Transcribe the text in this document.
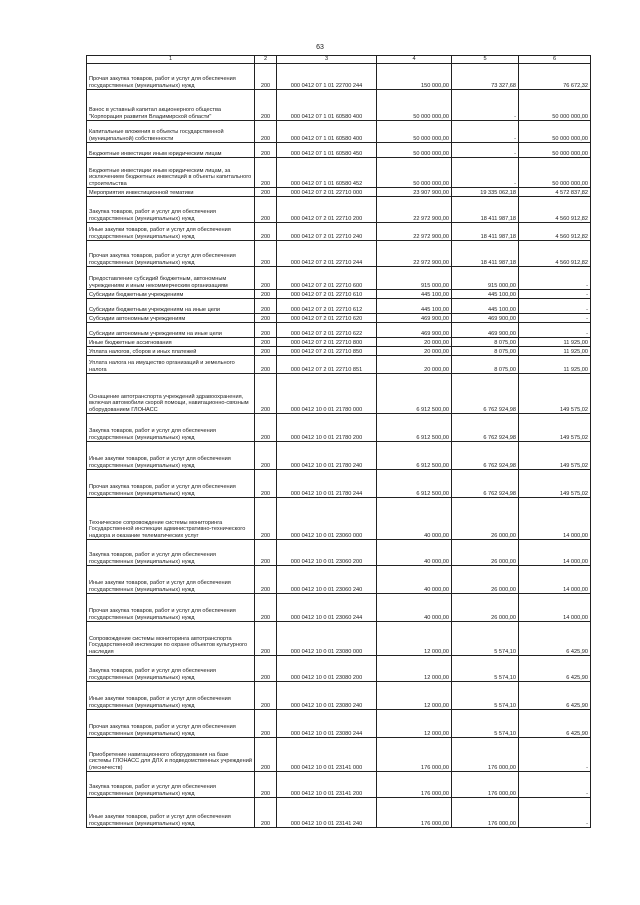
63
1	2	3	4	5	6
Прочая закупка товаров, работ и услуг для обеспечения государственных (муниципальных) нужд	200	000 0412 07 1 01 22700 244	150 000,00	73 327,68	76 672,32
Взнос в уставный капитал акционерного общества "Корпорация развития Владимирской области"	200	000 0412 07 1 01 60580 400	50 000 000,00	-	50 000 000,00
Капитальные вложения в объекты государственной (муниципальной) собственности	200	000 0412 07 1 01 60580 400	50 000 000,00	-	50 000 000,00
Бюджетные инвестиции иным юридическим лицам	200	000 0412 07 1 01 60580 450	50 000 000,00	-	50 000 000,00
Бюджетные инвестиции иным юридическим лицам, за исключением бюджетных инвестиций в объекты капитального строительства	200	000 0412 07 1 01 60580 452	50 000 000,00	-	50 000 000,00
Мероприятия инвестиционной тематики	200	000 0412 07 2 01 22710 000	23 907 900,00	19 335 062,18	4 572 837,82
Закупка товаров, работ и услуг для обеспечения государственных (муниципальных) нужд	200	000 0412 07 2 01 22710 200	22 972 900,00	18 411 987,18	4 560 912,82
Иные закупки товаров, работ и услуг для обеспечения государственных (муниципальных) нужд	200	000 0412 07 2 01 22710 240	22 972 900,00	18 411 987,18	4 560 912,82
Прочая закупка товаров, работ и услуг для обеспечения государственных (муниципальных) нужд	200	000 0412 07 2 01 22710 244	22 972 900,00	18 411 987,18	4 560 912,82
Предоставление субсидий бюджетным, автономным учреждениям и иным некоммерческим организациям	200	000 0412 07 2 01 22710 600	915 000,00	915 000,00	-
Субсидии бюджетным учреждениям	200	000 0412 07 2 01 22710 610	445 100,00	445 100,00	-
Субсидии бюджетным учреждениям на иные цели	200	000 0412 07 2 01 22710 612	445 100,00	445 100,00	-
Субсидии автономным учреждениям	200	000 0412 07 2 01 22710 620	469 900,00	469 900,00	-
Субсидии автономным учреждениям на иные цели	200	000 0412 07 2 01 22710 622	469 900,00	469 900,00	-
Иные бюджетные ассигнования	200	000 0412 07 2 01 22710 800	20 000,00	8 075,00	11 925,00
Уплата налогов, сборов и иных платежей	200	000 0412 07 2 01 22710 850	20 000,00	8 075,00	11 925,00
Уплата налога на имущество организаций и земельного налога	200	000 0412 07 2 01 22710 851	20 000,00	8 075,00	11 925,00
Оснащение автотранспорта учреждений здравоохранения, включая автомобили скорой помощи, навигационно-связным оборудованием ГЛОНАСС	200	000 0412 10 0 01 21780 000	6 912 500,00	6 762 924,98	149 575,02
Закупка товаров, работ и услуг для обеспечения государственных (муниципальных) нужд	200	000 0412 10 0 01 21780 200	6 912 500,00	6 762 924,98	149 575,02
Иные закупки товаров, работ и услуг для обеспечения государственных (муниципальных) нужд	200	000 0412 10 0 01 21780 240	6 912 500,00	6 762 924,98	149 575,02
Прочая закупка товаров, работ и услуг для обеспечения государственных (муниципальных) нужд	200	000 0412 10 0 01 21780 244	6 912 500,00	6 762 924,98	149 575,02
Техническое сопровождение системы мониторинга Государственной инспекции административно-технического надзора и оказание телематических услуг	200	000 0412 10 0 01 23060 000	40 000,00	26 000,00	14 000,00
Закупка товаров, работ и услуг для обеспечения государственных (муниципальных) нужд	200	000 0412 10 0 01 23060 200	40 000,00	26 000,00	14 000,00
Иные закупки товаров, работ и услуг для обеспечения государственных (муниципальных) нужд	200	000 0412 10 0 01 23060 240	40 000,00	26 000,00	14 000,00
Прочая закупка товаров, работ и услуг для обеспечения государственных (муниципальных) нужд	200	000 0412 10 0 01 23060 244	40 000,00	26 000,00	14 000,00
Сопровождение системы мониторинга автотранспорта Государственной инспекции по охране объектов культурного наследия	200	000 0412 10 0 01 23080 000	12 000,00	5 574,10	6 425,90
Закупка товаров, работ и услуг для обеспечения государственных (муниципальных) нужд	200	000 0412 10 0 01 23080 200	12 000,00	5 574,10	6 425,90
Иные закупки товаров, работ и услуг для обеспечения государственных (муниципальных) нужд	200	000 0412 10 0 01 23080 240	12 000,00	5 574,10	6 425,90
Прочая закупка товаров, работ и услуг для обеспечения государственных (муниципальных) нужд	200	000 0412 10 0 01 23080 244	12 000,00	5 574,10	6 425,90
Приобретение навигационного оборудования на базе системы ГЛОНАСС для ДЛХ и подведомственных учреждений (лесничеств)	200	000 0412 10 0 01 23141 000	176 000,00	176 000,00	-
Закупка товаров, работ и услуг для обеспечения государственных (муниципальных) нужд	200	000 0412 10 0 01 23141 200	176 000,00	176 000,00	-
Иные закупки товаров, работ и услуг для обеспечения государственных (муниципальных) нужд	200	000 0412 10 0 01 23141 240	176 000,00	176 000,00	-
